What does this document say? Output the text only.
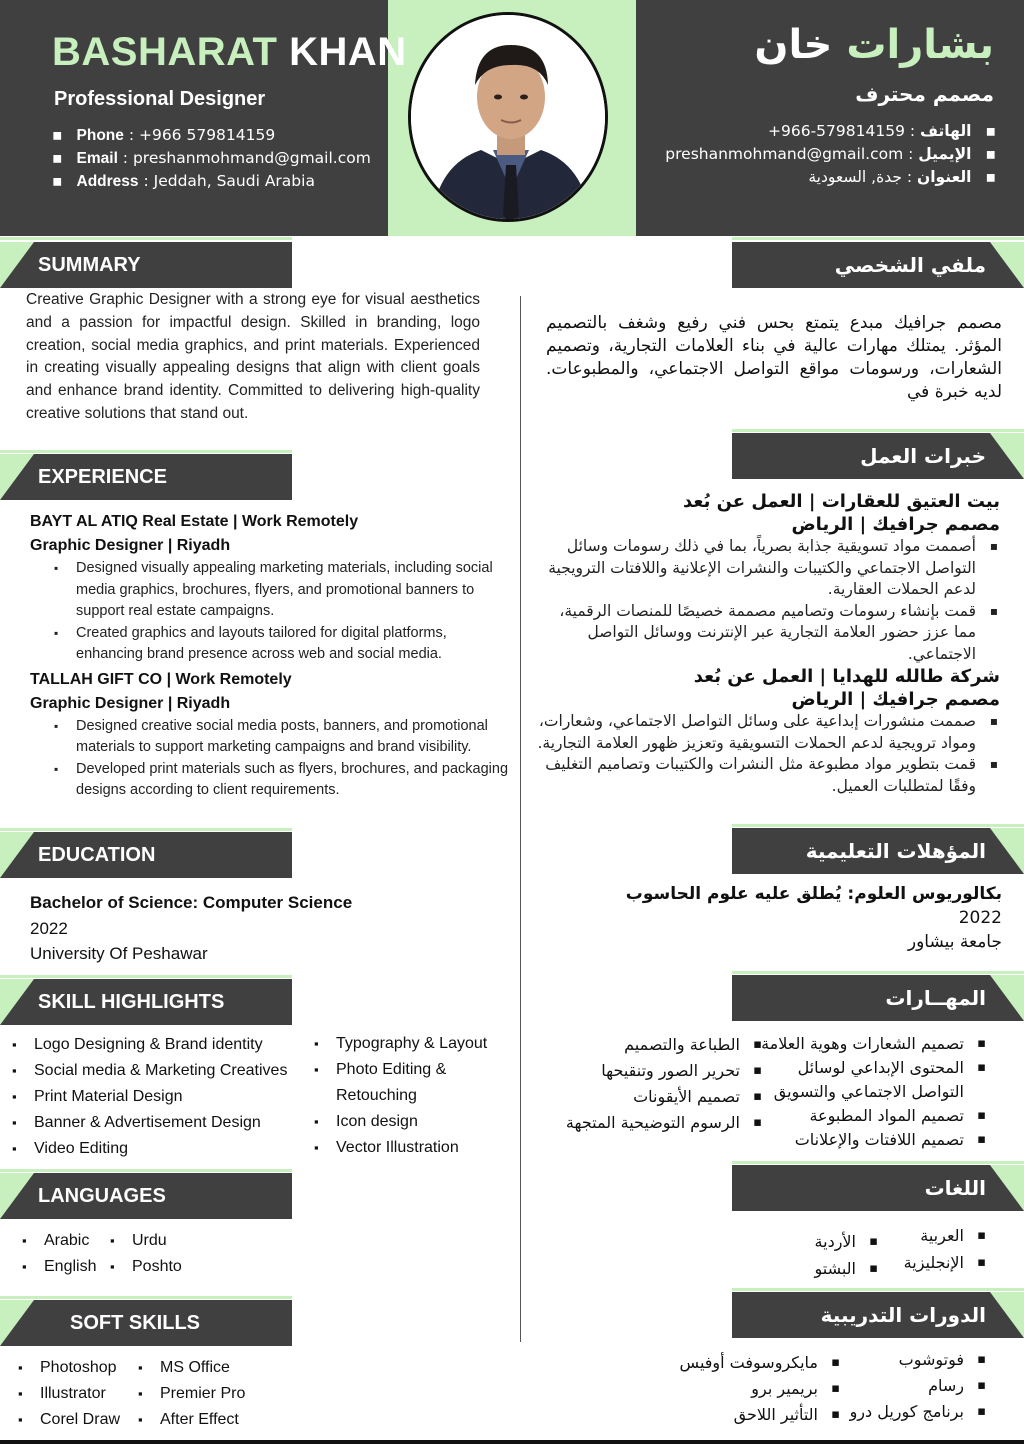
BASHARAT KHAN
Professional Designer
▪ Phone : +966 579814159
▪ Email : preshanmohmand@gmail.com
▪ Address : Jeddah, Saudi Arabia
بشارات خان
مصمم محترف
▪ الهاتف : +966-579814159
▪ الإيميل : preshanmohmand@gmail.com
▪ العنوان : جدة, السعودية
SUMMARY
EXPERIENCE
EDUCATION
SKILL HIGHLIGHTS
LANGUAGES
SOFT SKILLS
ملفي الشخصي
خبرات العمل
المؤهلات التعليمية
المهــارات
اللغات
الدورات التدريبية
Creative Graphic Designer with a strong eye for visual aesthetics and a passion for impactful design. Skilled in branding, logo creation, social media graphics, and print materials. Experienced in creating visually appealing designs that align with client goals and enhance brand identity. Committed to delivering high-quality creative solutions that stand out.
مصمم جرافيك مبدع يتمتع بحس فني رفيع وشغف بالتصميم المؤثر. يمتلك مهارات عالية في بناء العلامات التجارية، وتصميم الشعارات، ورسومات مواقع التواصل الاجتماعي، والمطبوعات. لديه خبرة في
BAYT AL ATIQ Real Estate | Work Remotely
Graphic Designer | Riyadh
▪ Designed visually appealing marketing materials, including social media graphics, brochures, flyers, and promotional banners to support real estate campaigns.
▪ Created graphics and layouts tailored for digital platforms, enhancing brand presence across web and social media.
TALLAH GIFT CO | Work Remotely
Graphic Designer | Riyadh
▪ Designed creative social media posts, banners, and promotional materials to support marketing campaigns and brand visibility.
▪ Developed print materials such as flyers, brochures, and packaging designs according to client requirements.
بيت العتيق للعقارات | العمل عن بُعد
مصمم جرافيك | الرياض
▪ أصممت مواد تسويقية جذابة بصرياً، بما في ذلك رسومات وسائل التواصل الاجتماعي والكتيبات والنشرات الإعلانية واللافتات الترويجية لدعم الحملات العقارية.
▪ قمت بإنشاء رسومات وتصاميم مصممة خصيصًا للمنصات الرقمية، مما عزز حضور العلامة التجارية عبر الإنترنت ووسائل التواصل الاجتماعي.
شركة طالله للهدايا | العمل عن بُعد
مصمم جرافيك | الرياض
▪ صممت منشورات إبداعية على وسائل التواصل الاجتماعي، وشعارات، ومواد ترويجية لدعم الحملات التسويقية وتعزيز ظهور العلامة التجارية.
▪ قمت بتطوير مواد مطبوعة مثل النشرات والكتيبات وتصاميم التغليف وفقًا لمتطلبات العميل.
Bachelor of Science: Computer Science
2022
University Of Peshawar
بكالوريوس العلوم: يُطلق عليه علوم الحاسوب
2022
جامعة بيشاور
▪ Logo Designing & Brand identity
▪ Social media & Marketing Creatives
▪ Print Material Design
▪ Banner & Advertisement Design
▪ Video Editing
▪ Typography & Layout
▪ Photo Editing &
Retouching
▪ Icon design
▪ Vector Illustration
▪ تصميم الشعارات وهوية العلامة
▪ المحتوى الإبداعي لوسائل
التواصل الاجتماعي والتسويق
▪ تصميم المواد المطبوعة
▪ تصميم اللافتات والإعلانات
▪ الطباعة والتصميم
▪ تحرير الصور وتنقيحها
▪ تصميم الأيقونات
▪ الرسوم التوضيحية المتجهة
▪ Arabic
▪ English
▪ Urdu
▪ Poshto
▪ العربية
▪ الإنجليزية
▪ الأردية
▪ البشتو
▪ Photoshop
▪ Illustrator
▪ Corel Draw
▪ MS Office
▪ Premier Pro
▪ After Effect
▪ فوتوشوب
▪ رسام
▪ برنامج كوريل درو
▪ مايكروسوفت أوفيس
▪ بريمير برو
▪ التأثير اللاحق
